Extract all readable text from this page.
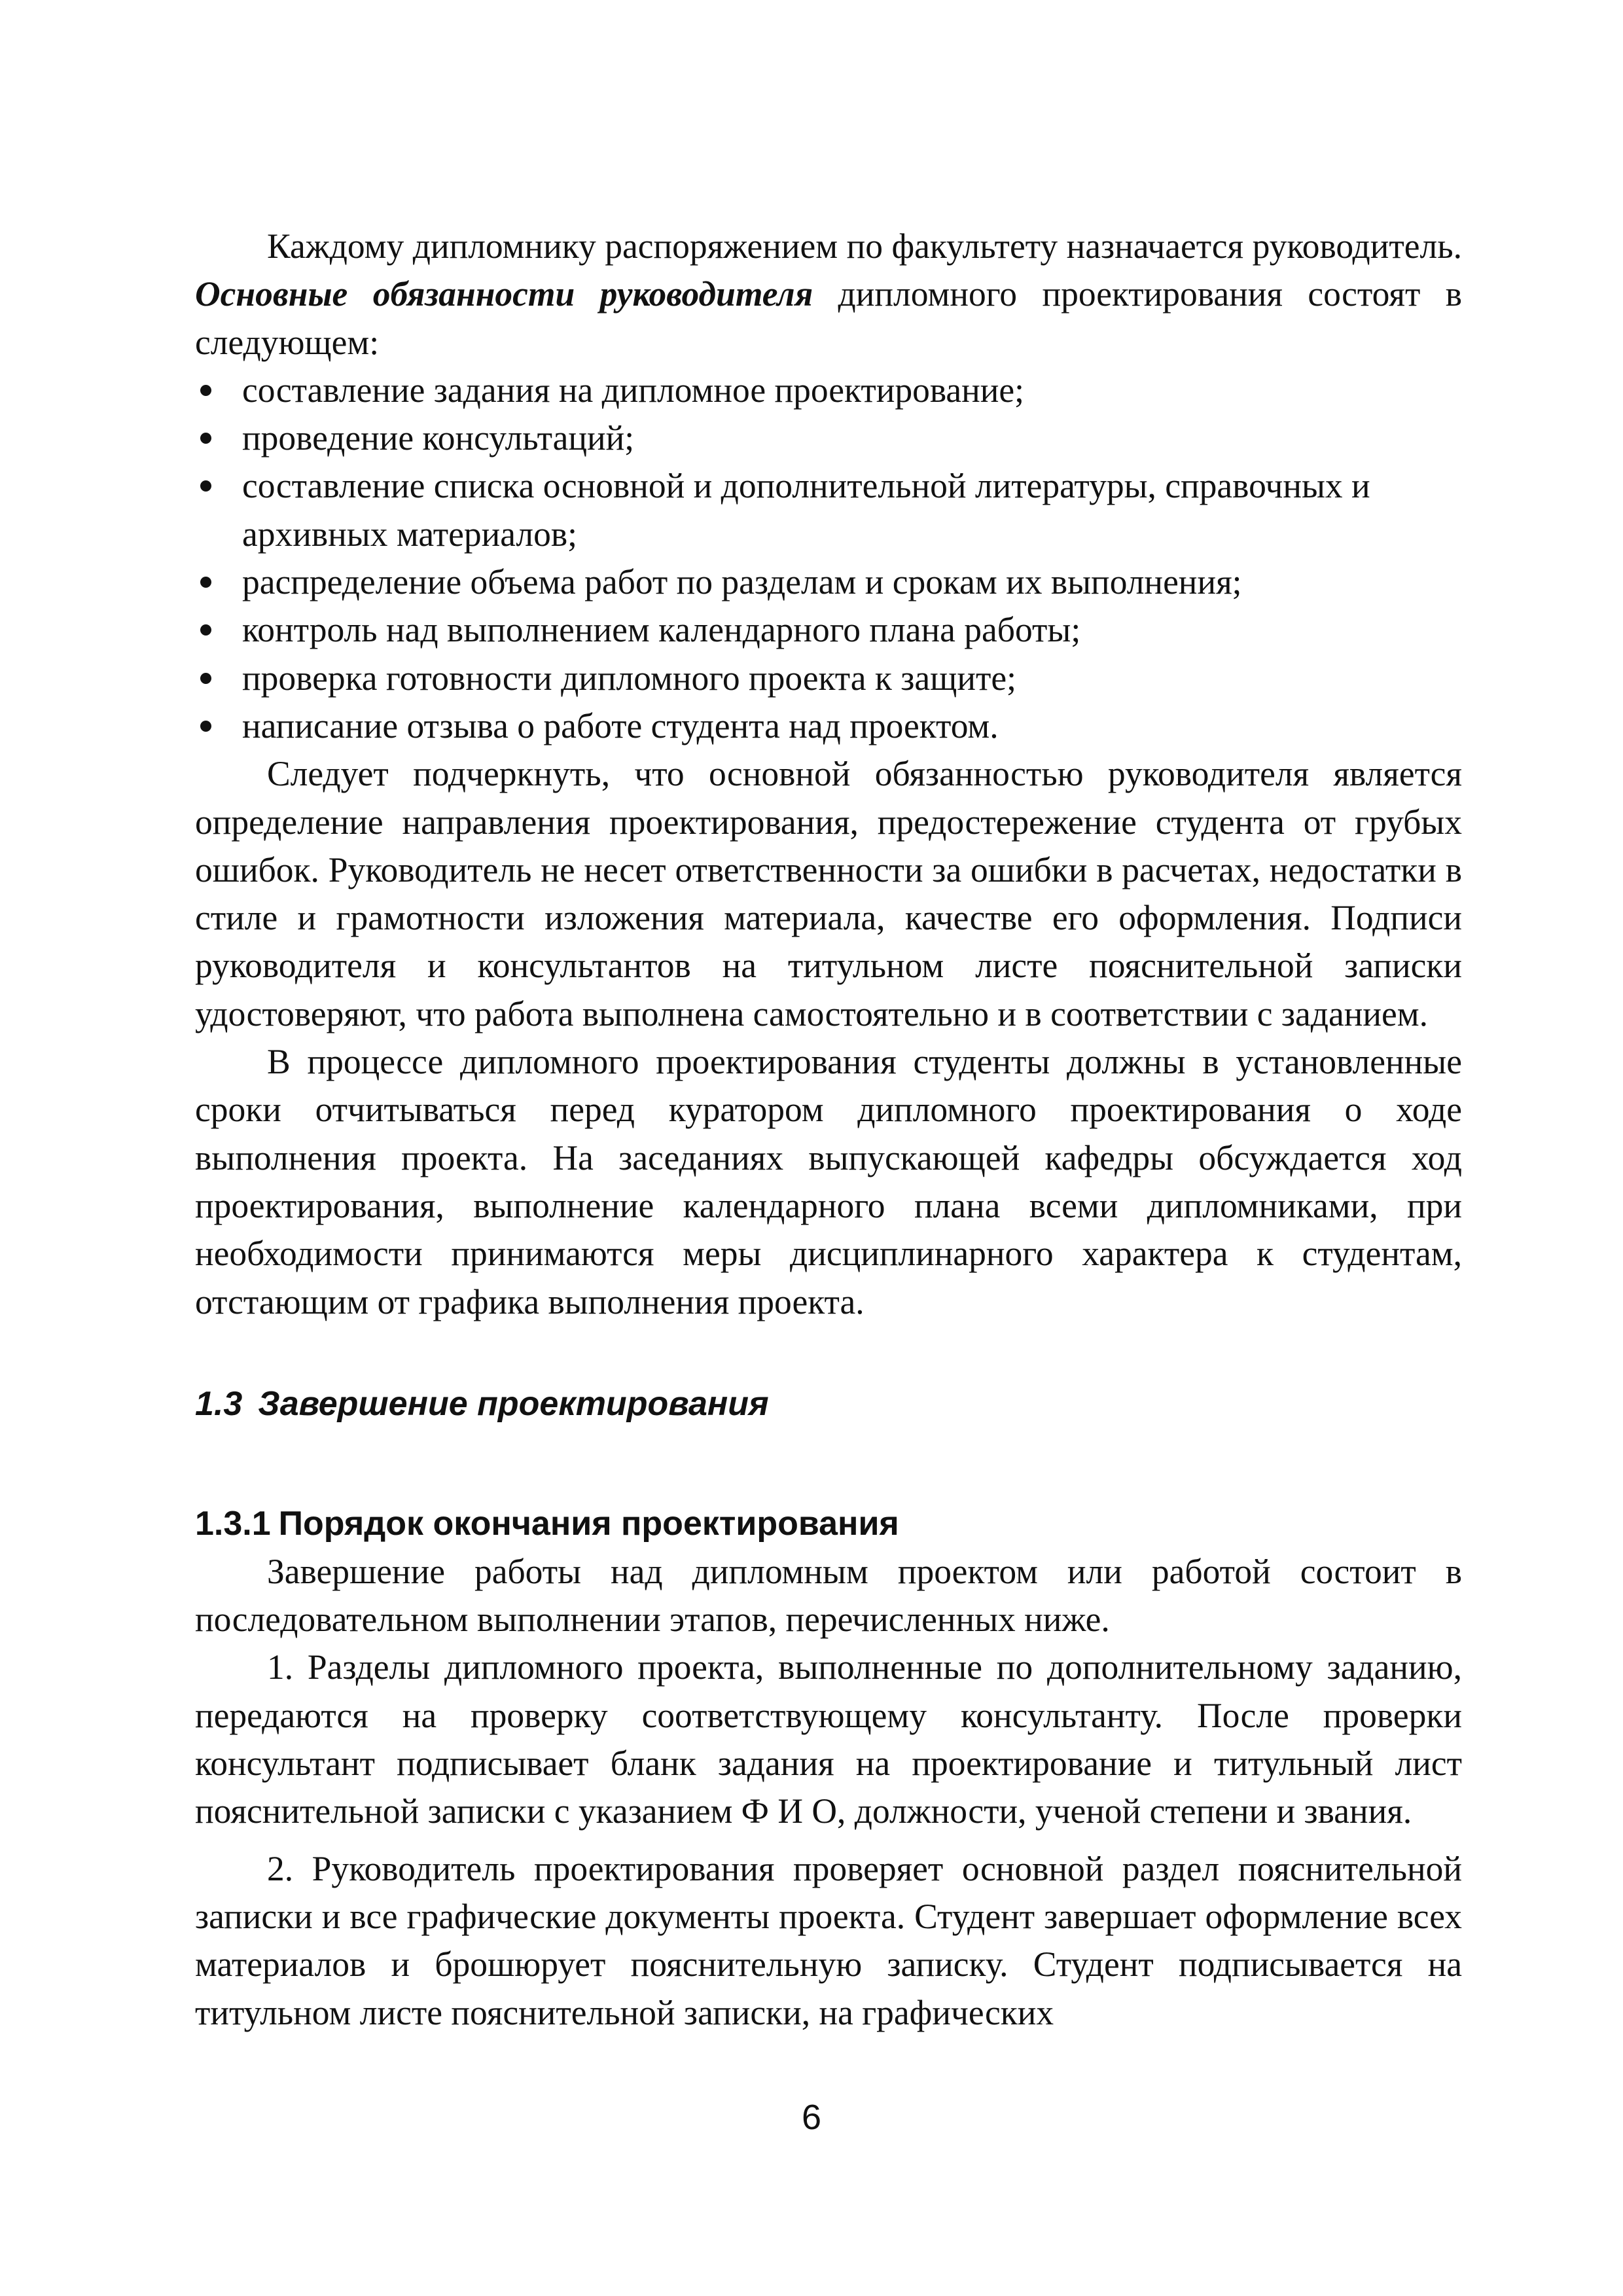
Каждому дипломнику распоряжением по факультету назначается руководитель. Основные обязанности руководителя дипломного проектирования состоят в следующем:

составление задания на дипломное проектирование;
проведение консультаций;
составление списка основной и дополнительной литературы, справочных и архивных материалов;
распределение объема работ по разделам и срокам их выполнения;
контроль над выполнением календарного плана работы;
проверка готовности дипломного проекта к защите;
написание отзыва о работе студента над проектом.

Следует подчеркнуть, что основной обязанностью руководителя является определение направления проектирования, предостережение студента от грубых ошибок. Руководитель не несет ответственности за ошибки в расчетах, недостатки в стиле и грамотности изложения материала, качестве его оформления. Подписи руководителя и консультантов на титульном листе пояснительной записки удостоверяют, что работа выполнена самостоятельно и в соответствии с заданием.

В процессе дипломного проектирования студенты должны в установленные сроки отчитываться перед куратором дипломного проектирования о ходе выполнения проекта. На заседаниях выпускающей кафедры обсуждается ход проектирования, выполнение календарного плана всеми дипломниками, при необходимости принимаются меры дисциплинарного характера к студентам, отстающим от графика выполнения проекта.

1.3 Завершение проектирования
1.3.1 Порядок окончания проектирования

Завершение работы над дипломным проектом или работой состоит в последовательном выполнении этапов, перечисленных ниже.

1. Разделы дипломного проекта, выполненные по дополнительному заданию, передаются на проверку соответствующему консультанту. После проверки консультант подписывает бланк задания на проектирование и титульный лист пояснительной записки с указанием Ф И О, должности, ученой степени и звания.

2. Руководитель проектирования проверяет основной раздел пояснительной записки и все графические документы проекта. Студент завершает оформление всех материалов и брошюрует пояснительную записку. Студент подписывается на титульном листе пояснительной записки, на графических

6
